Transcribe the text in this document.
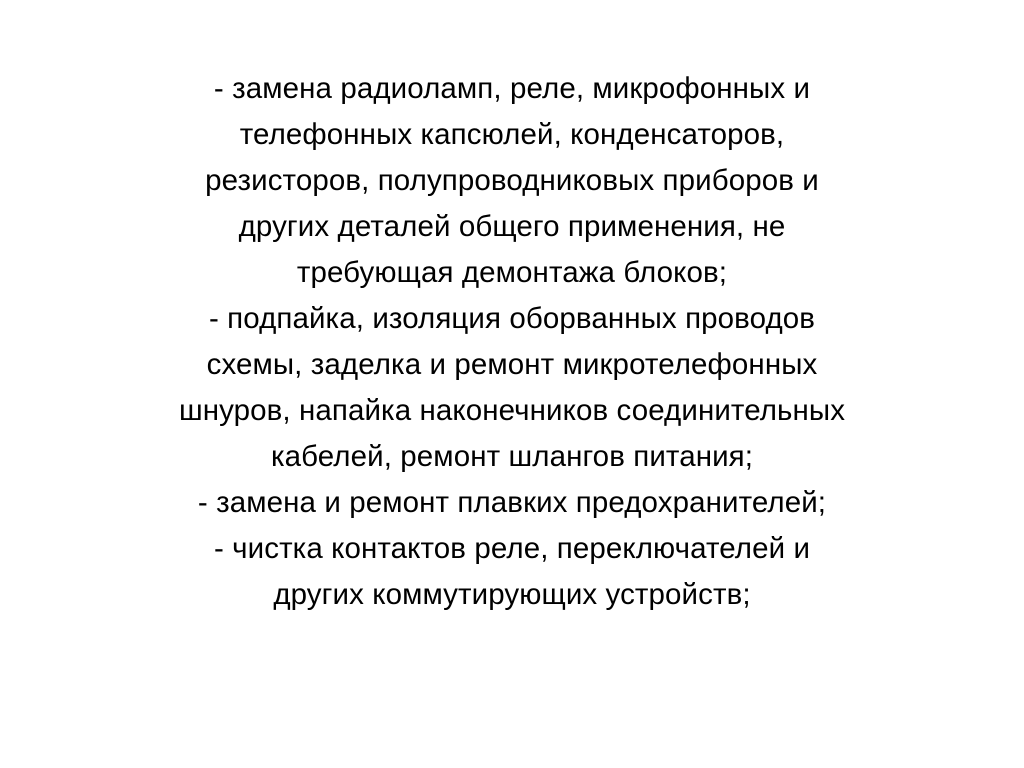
- замена радиоламп, реле, микрофонных и
телефонных капсюлей, конденсаторов,
резисторов, полупроводниковых приборов и
других деталей общего применения, не
требующая демонтажа блоков;
- подпайка, изоляция оборванных проводов
схемы, заделка и ремонт микротелефонных
шнуров, напайка наконечников соединительных
кабелей, ремонт шлангов питания;
- замена и ремонт плавких предохранителей;
- чистка контактов реле, переключателей и
других коммутирующих устройств;
